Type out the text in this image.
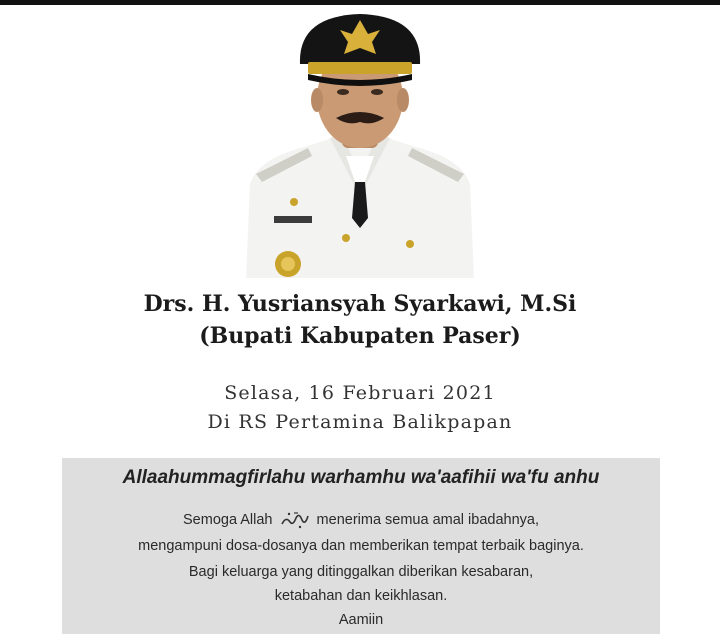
Drs. H. Yusriansyah Syarkawi, M.Si
(Bupati Kabupaten Paser)
Selasa, 16 Februari 2021
Di RS Pertamina Balikpapan
Allaahummagfirlahu warhamhu wa'aafihii wa'fu anhu
Semoga Allah	menerima semua amal ibadahnya,
mengampuni dosa-dosanya dan memberikan tempat terbaik baginya.
Bagi keluarga yang ditinggalkan diberikan kesabaran,
ketabahan dan keikhlasan.
Aamiin
